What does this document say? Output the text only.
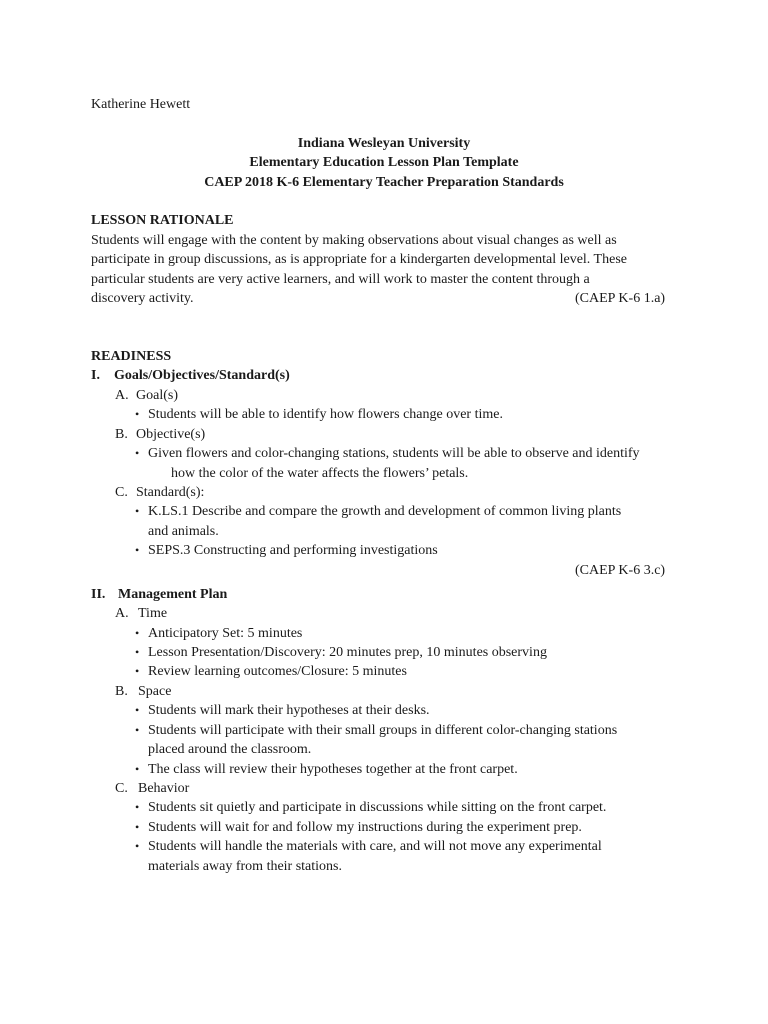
Katherine Hewett
Indiana Wesleyan University
Elementary Education Lesson Plan Template
CAEP 2018 K-6 Elementary Teacher Preparation Standards
LESSON RATIONALE
Students will engage with the content by making observations about visual changes as well as
participate in group discussions, as is appropriate for a kindergarten developmental level. These
particular students are very active learners, and will work to master the content through a
discovery activity.	(CAEP K-6 1.a)
READINESS
I. Goals/Objectives/Standard(s)
A. Goal(s)
• Students will be able to identify how flowers change over time.
B. Objective(s)
• Given flowers and color-changing stations, students will be able to observe and identify
how the color of the water affects the flowers’ petals.
C. Standard(s):
• K.LS.1 Describe and compare the growth and development of common living plants
and animals.
• SEPS.3 Constructing and performing investigations
(CAEP K-6 3.c)
II. Management Plan
A. Time
• Anticipatory Set: 5 minutes
• Lesson Presentation/Discovery: 20 minutes prep, 10 minutes observing
• Review learning outcomes/Closure: 5 minutes
B. Space
• Students will mark their hypotheses at their desks.
• Students will participate with their small groups in different color-changing stations
placed around the classroom.
• The class will review their hypotheses together at the front carpet.
C. Behavior
• Students sit quietly and participate in discussions while sitting on the front carpet.
• Students will wait for and follow my instructions during the experiment prep.
• Students will handle the materials with care, and will not move any experimental
materials away from their stations.
